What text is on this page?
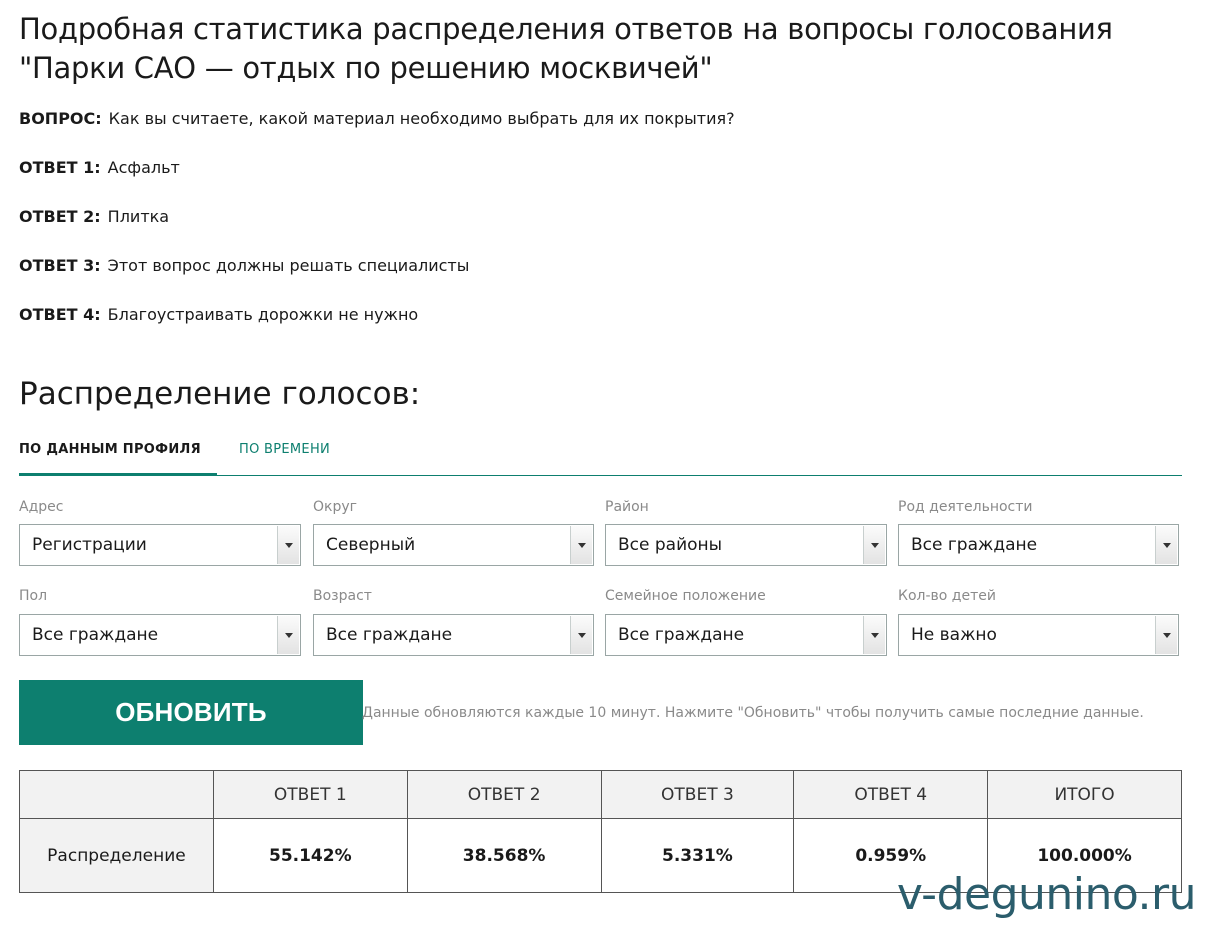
Подробная статистика распределения ответов на вопросы голосования "Парки САО — отдых по решению москвичей"
ВОПРОС: Как вы считаете, какой материал необходимо выбрать для их покрытия?
ОТВЕТ 1: Асфальт
ОТВЕТ 2: Плитка
ОТВЕТ 3: Этот вопрос должны решать специалисты
ОТВЕТ 4: Благоустраивать дорожки не нужно
Распределение голосов:
ПО ДАННЫМ ПРОФИЛЯ	ПО ВРЕМЕНИ
Адрес
Регистрации
Округ
Северный
Район
Все районы
Род деятельности
Все граждане
Пол
Все граждане
Возраст
Все граждане
Семейное положение
Все граждане
Кол-во детей
Не важно
ОБНОВИТЬ	Данные обновляются каждые 10 минут. Нажмите "Обновить" чтобы получить самые последние данные.
	ОТВЕТ 1	ОТВЕТ 2	ОТВЕТ 3	ОТВЕТ 4	ИТОГО
Распределение	55.142%	38.568%	5.331%	0.959%	100.000%
v-degunino.ru
